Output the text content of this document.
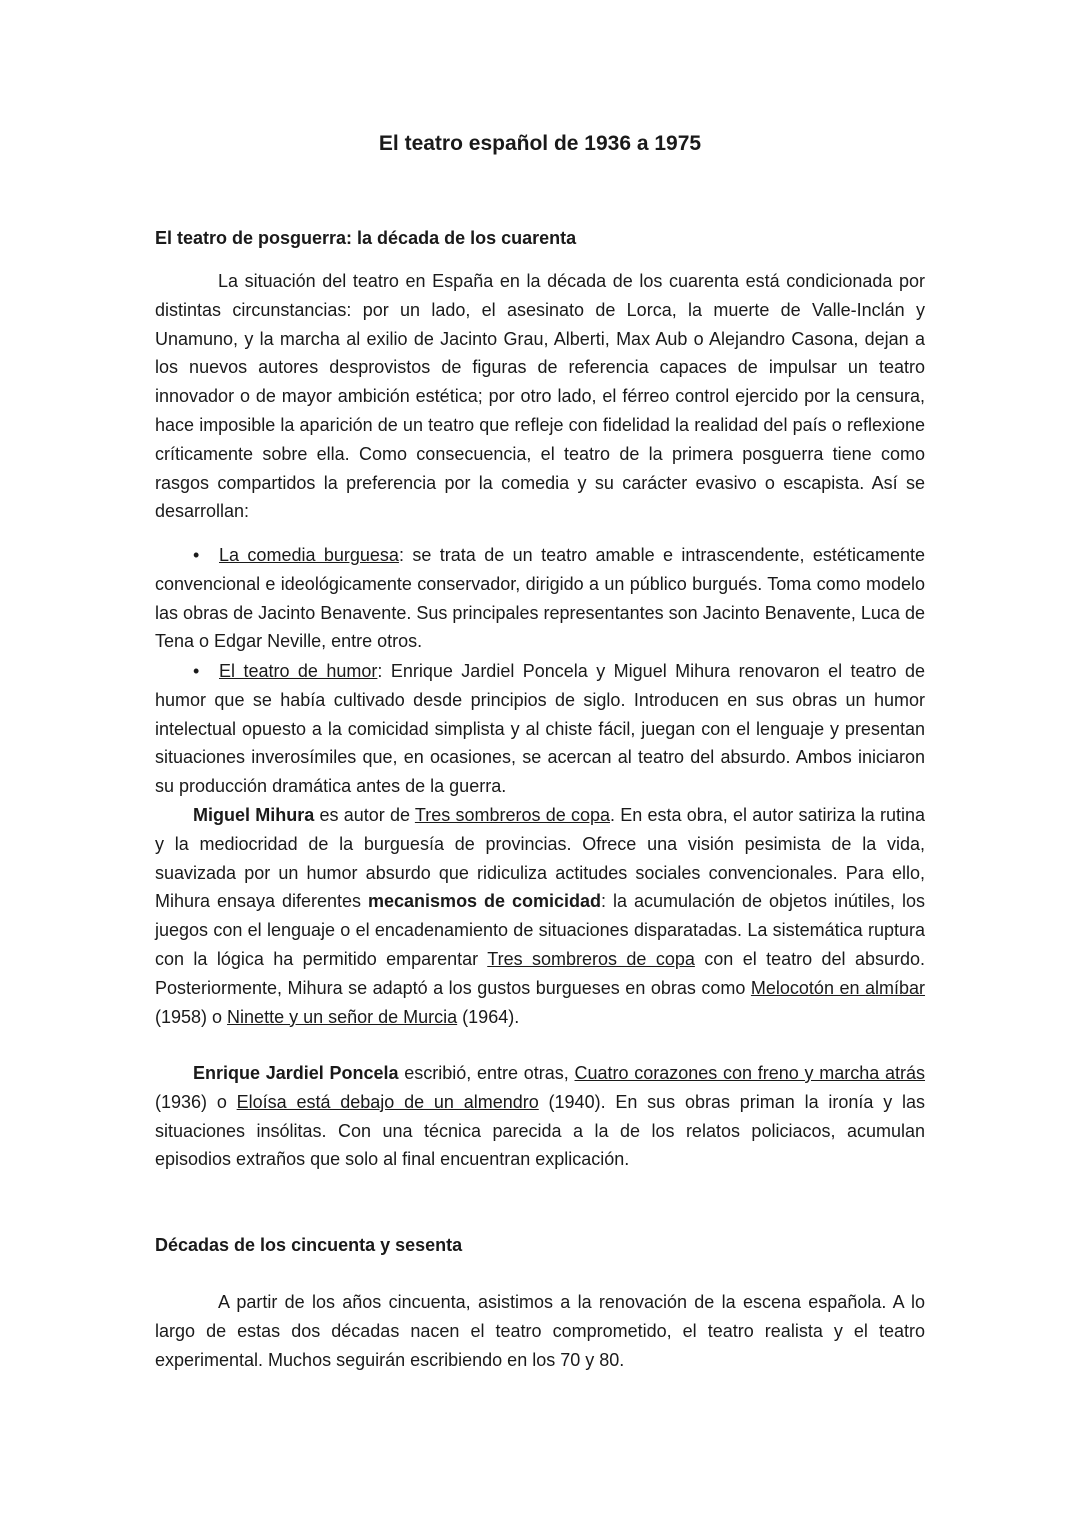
El teatro español de 1936 a 1975
El teatro de posguerra: la década de los cuarenta

La situación del teatro en España en la década de los cuarenta está condicionada por distintas circunstancias: por un lado, el asesinato de Lorca, la muerte de Valle-Inclán y Unamuno, y la marcha al exilio de Jacinto Grau, Alberti, Max Aub o Alejandro Casona, dejan a los nuevos autores desprovistos de figuras de referencia capaces de impulsar un teatro innovador o de mayor ambición estética; por otro lado, el férreo control ejercido por la censura, hace imposible la aparición de un teatro que refleje con fidelidad la realidad del país o reflexione críticamente sobre ella. Como consecuencia, el teatro de la primera posguerra tiene como rasgos compartidos la preferencia por la comedia y su carácter evasivo o escapista. Así se desarrollan:

• La comedia burguesa: se trata de un teatro amable e intrascendente, estéticamente convencional e ideológicamente conservador, dirigido a un público burgués. Toma como modelo las obras de Jacinto Benavente. Sus principales representantes son Jacinto Benavente, Luca de Tena o Edgar Neville, entre otros.

• El teatro de humor: Enrique Jardiel Poncela y Miguel Mihura renovaron el teatro de humor que se había cultivado desde principios de siglo. Introducen en sus obras un humor intelectual opuesto a la comicidad simplista y al chiste fácil, juegan con el lenguaje y presentan situaciones inverosímiles que, en ocasiones, se acercan al teatro del absurdo. Ambos iniciaron su producción dramática antes de la guerra.

Miguel Mihura es autor de Tres sombreros de copa. En esta obra, el autor satiriza la rutina y la mediocridad de la burguesía de provincias. Ofrece una visión pesimista de la vida, suavizada por un humor absurdo que ridiculiza actitudes sociales convencionales. Para ello, Mihura ensaya diferentes mecanismos de comicidad: la acumulación de objetos inútiles, los juegos con el lenguaje o el encadenamiento de situaciones disparatadas. La sistemática ruptura con la lógica ha permitido emparentar Tres sombreros de copa con el teatro del absurdo. Posteriormente, Mihura se adaptó a los gustos burgueses en obras como Melocotón en almíbar (1958) o Ninette y un señor de Murcia (1964).

Enrique Jardiel Poncela escribió, entre otras, Cuatro corazones con freno y marcha atrás (1936) o Eloísa está debajo de un almendro (1940). En sus obras priman la ironía y las situaciones insólitas. Con una técnica parecida a la de los relatos policiacos, acumulan episodios extraños que solo al final encuentran explicación.

Décadas de los cincuenta y sesenta

A partir de los años cincuenta, asistimos a la renovación de la escena española. A lo largo de estas dos décadas nacen el teatro comprometido, el teatro realista y el teatro experimental. Muchos seguirán escribiendo en los 70 y 80.
